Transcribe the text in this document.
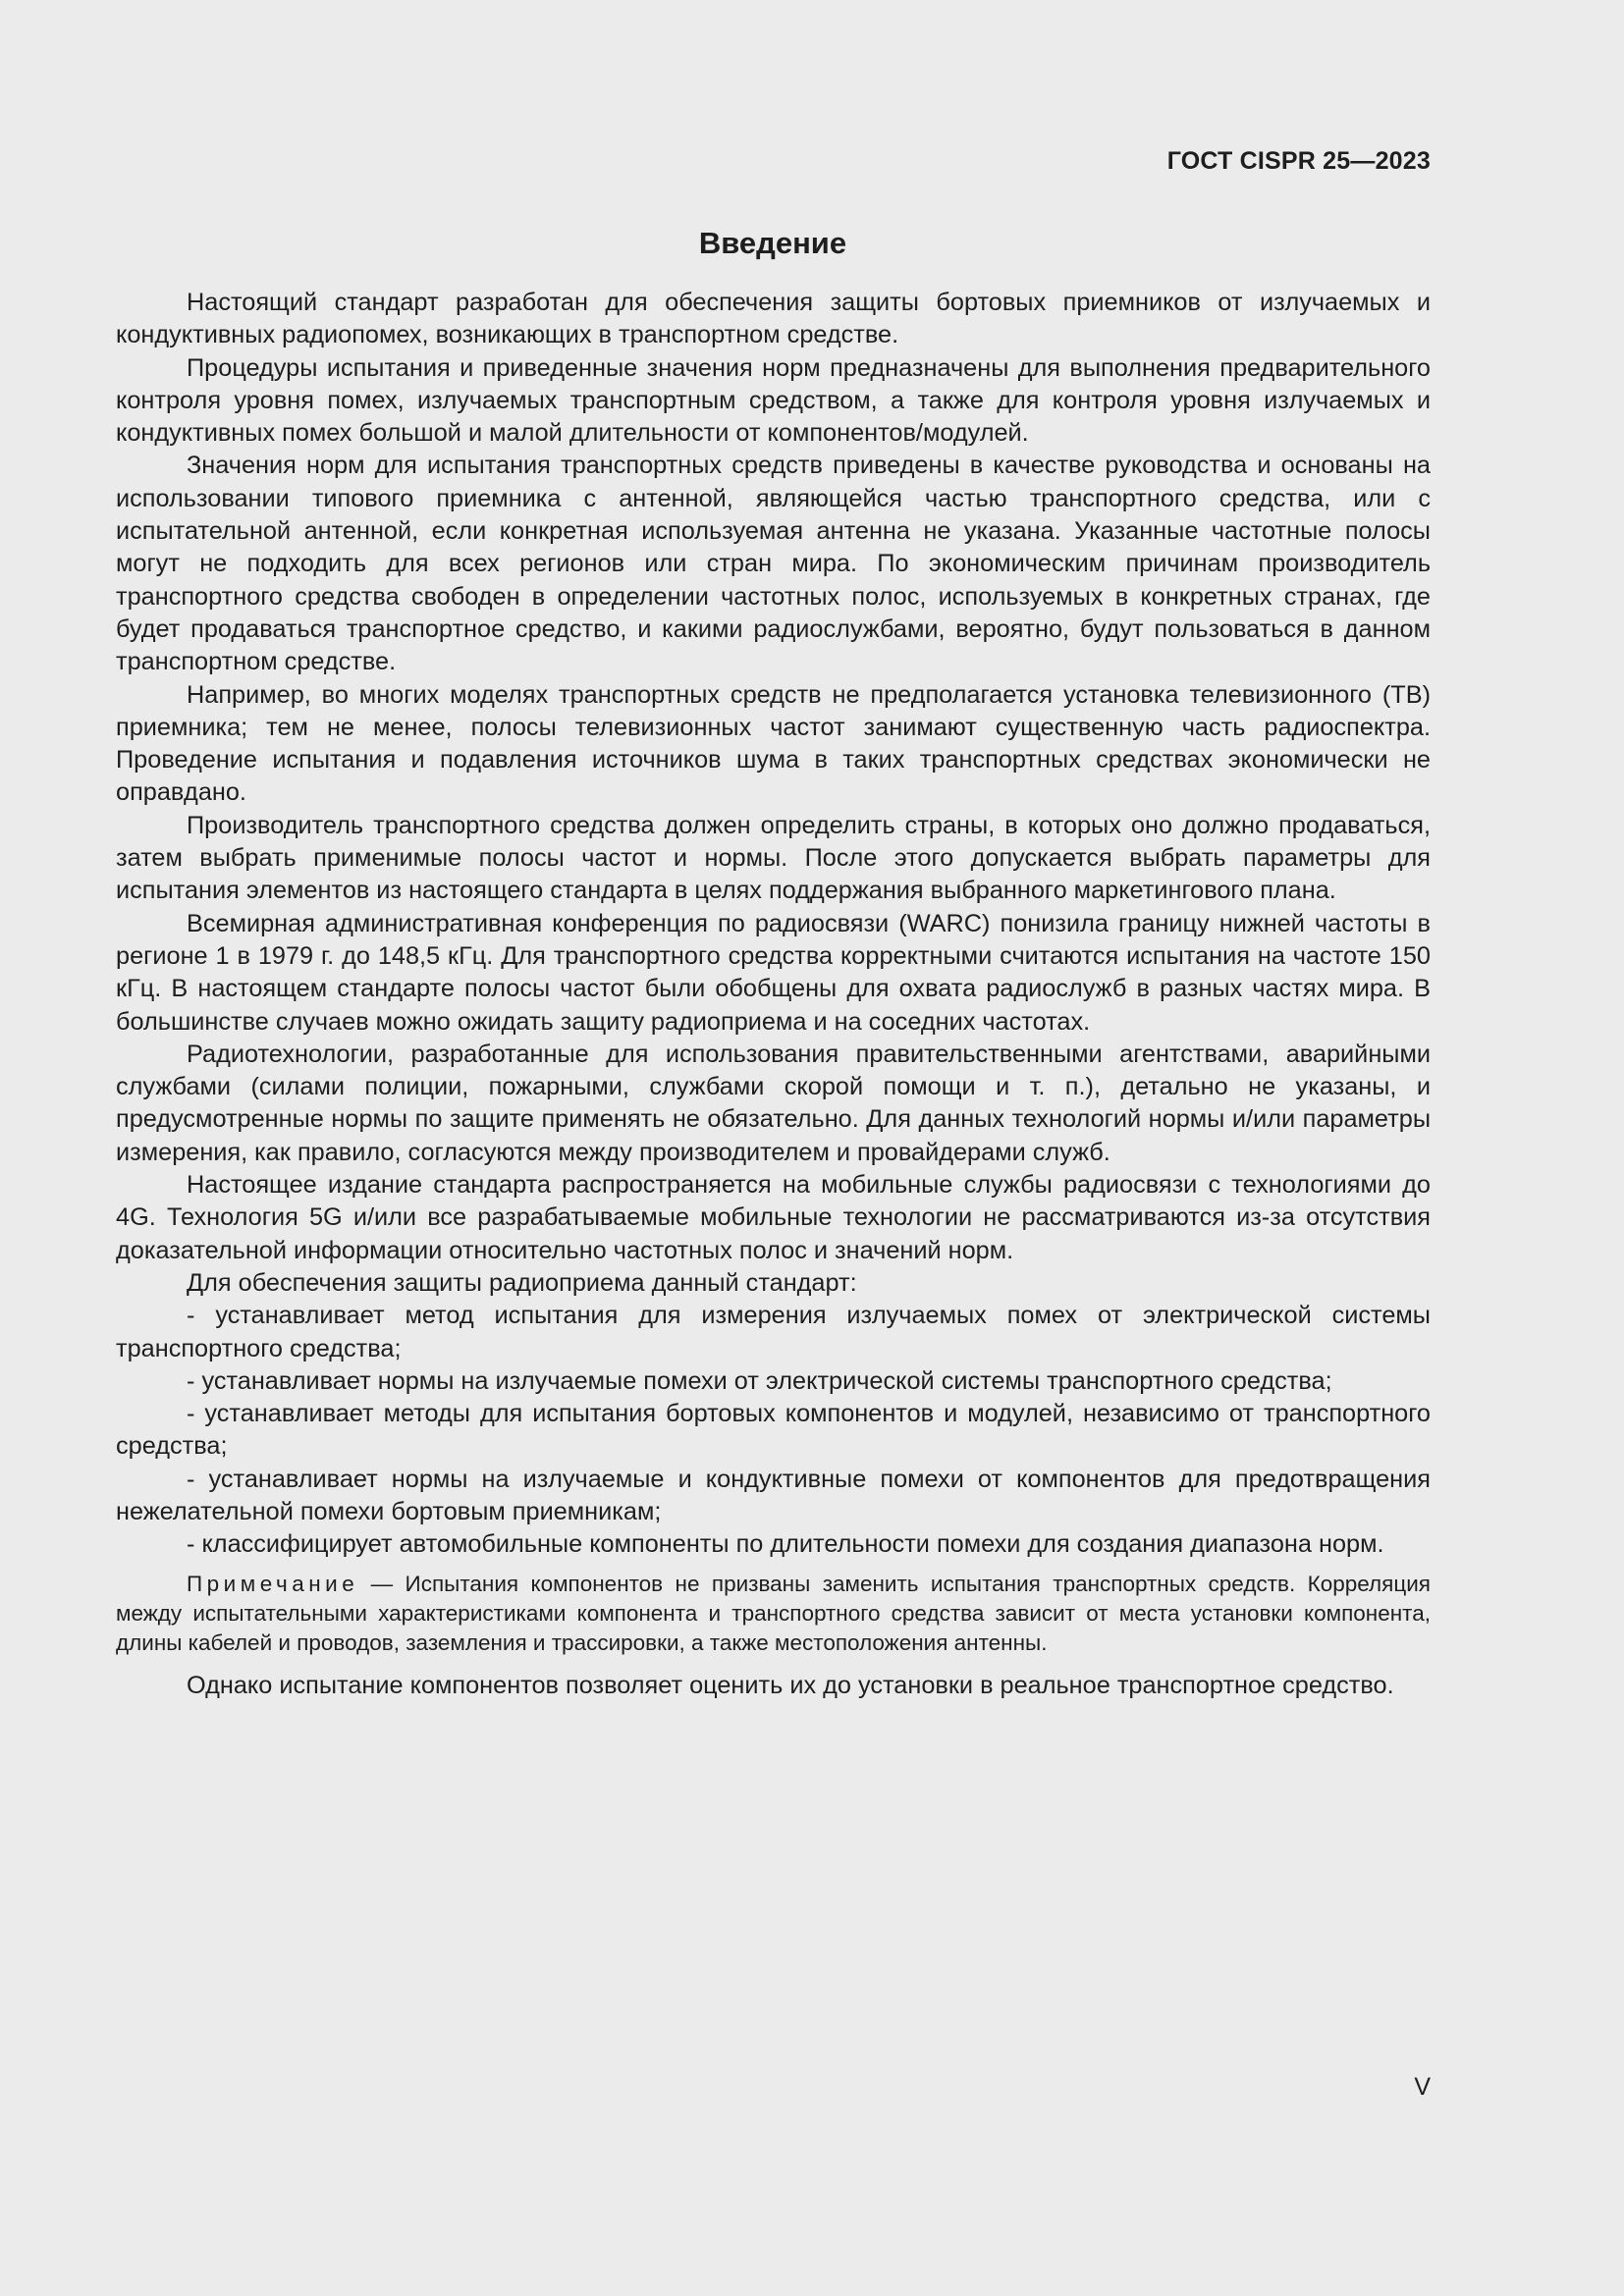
ГОСТ CISPR 25—2023
Введение

Настоящий стандарт разработан для обеспечения защиты бортовых приемников от излучаемых и кондуктивных радиопомех, возникающих в транспортном средстве.

Процедуры испытания и приведенные значения норм предназначены для выполнения предварительного контроля уровня помех, излучаемых транспортным средством, а также для контроля уровня излучаемых и кондуктивных помех большой и малой длительности от компонентов/модулей.

Значения норм для испытания транспортных средств приведены в качестве руководства и основаны на использовании типового приемника с антенной, являющейся частью транспортного средства, или с испытательной антенной, если конкретная используемая антенна не указана. Указанные частотные полосы могут не подходить для всех регионов или стран мира. По экономическим причинам производитель транспортного средства свободен в определении частотных полос, используемых в конкретных странах, где будет продаваться транспортное средство, и какими радиослужбами, вероятно, будут пользоваться в данном транспортном средстве.

Например, во многих моделях транспортных средств не предполагается установка телевизионного (ТВ) приемника; тем не менее, полосы телевизионных частот занимают существенную часть радиоспектра. Проведение испытания и подавления источников шума в таких транспортных средствах экономически не оправдано.

Производитель транспортного средства должен определить страны, в которых оно должно продаваться, затем выбрать применимые полосы частот и нормы. После этого допускается выбрать параметры для испытания элементов из настоящего стандарта в целях поддержания выбранного маркетингового плана.

Всемирная административная конференция по радиосвязи (WARC) понизила границу нижней частоты в регионе 1 в 1979 г. до 148,5 кГц. Для транспортного средства корректными считаются испытания на частоте 150 кГц. В настоящем стандарте полосы частот были обобщены для охвата радиослужб в разных частях мира. В большинстве случаев можно ожидать защиту радиоприема и на соседних частотах.

Радиотехнологии, разработанные для использования правительственными агентствами, аварийными службами (силами полиции, пожарными, службами скорой помощи и т. п.), детально не указаны, и предусмотренные нормы по защите применять не обязательно. Для данных технологий нормы и/или параметры измерения, как правило, согласуются между производителем и провайдерами служб.

Настоящее издание стандарта распространяется на мобильные службы радиосвязи с технологиями до 4G. Технология 5G и/или все разрабатываемые мобильные технологии не рассматриваются из-за отсутствия доказательной информации относительно частотных полос и значений норм.

Для обеспечения защиты радиоприема данный стандарт:

- устанавливает метод испытания для измерения излучаемых помех от электрической системы транспортного средства;

- устанавливает нормы на излучаемые помехи от электрической системы транспортного средства;

- устанавливает методы для испытания бортовых компонентов и модулей, независимо от транспортного средства;

- устанавливает нормы на излучаемые и кондуктивные помехи от компонентов для предотвращения нежелательной помехи бортовым приемникам;

- классифицирует автомобильные компоненты по длительности помехи для создания диапазона норм.

Примечание — Испытания компонентов не призваны заменить испытания транспортных средств. Корреляция между испытательными характеристиками компонента и транспортного средства зависит от места установки компонента, длины кабелей и проводов, заземления и трассировки, а также местоположения антенны.

Однако испытание компонентов позволяет оценить их до установки в реальное транспортное средство.

V
